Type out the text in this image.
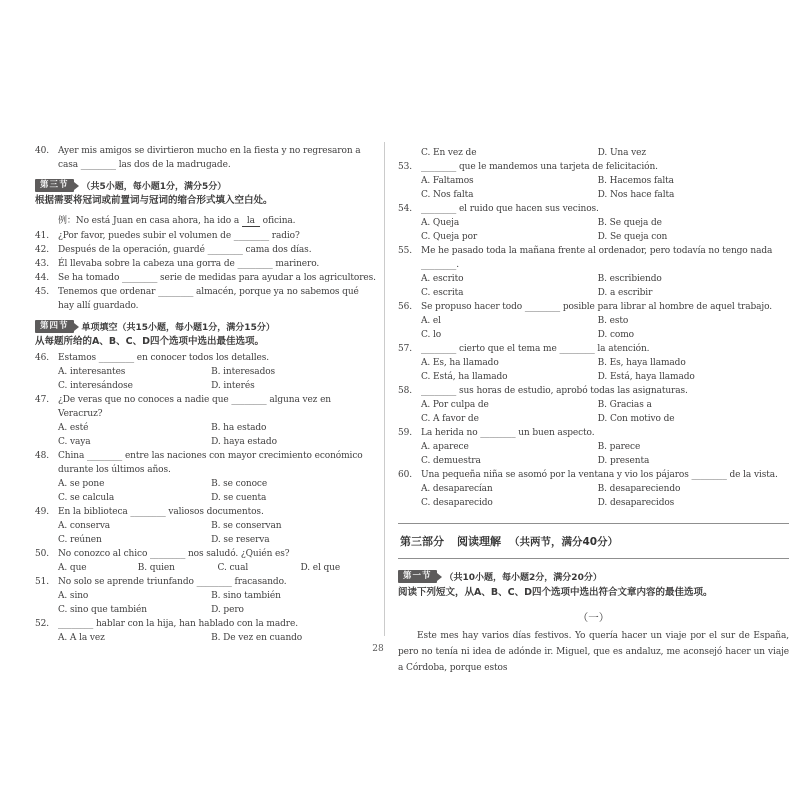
40. Ayer mis amigos se divirtieron mucho en la fiesta y no regresaron a casa ________ las dos de la madrugade.
第三节	（共5小题，每小题1分，满分5分）
根据需要将冠词或前置词与冠词的缩合形式填入空白处。
例：No está Juan en casa ahora, ha ido a la oficina.
41. ¿Por favor, puedes subir el volumen de ________ radio?
42. Después de la operación, guardé ________ cama dos días.
43. Él llevaba sobre la cabeza una gorra de ________ marinero.
44. Se ha tomado ________ serie de medidas para ayudar a los agricultores.
45. Tenemos que ordenar ________ almacén, porque ya no sabemos qué hay allí guardado.
第四节	单项填空（共15小题，每小题1分，满分15分）
从每题所给的A、B、C、D四个选项中选出最佳选项。
46. Estamos ________ en conocer todos los detalles.
A. interesantes	B. interesados
C. interesándose	D. interés
47. ¿De veras que no conoces a nadie que ________ alguna vez en Veracruz?
A. esté	B. ha estado
C. vaya	D. haya estado
48. China ________ entre las naciones con mayor crecimiento económico durante los últimos años.
A. se pone	B. se conoce
C. se calcula	D. se cuenta
49. En la biblioteca ________ valiosos documentos.
A. conserva	B. se conservan
C. reúnen	D. se reserva
50. No conozco al chico ________ nos saludó. ¿Quién es?
A. que	B. quien	C. cual	D. el que
51. No solo se aprende triunfando ________ fracasando.
A. sino	B. sino también
C. sino que también	D. pero
52. ________ hablar con la hija, han hablado con la madre.
A. A la vez	B. De vez en cuando
C. En vez de	D. Una vez
53. ________ que le mandemos una tarjeta de felicitación.
A. Faltamos	B. Hacemos falta
C. Nos falta	D. Nos hace falta
54. ________ el ruido que hacen sus vecinos.
A. Queja	B. Se queja de
C. Queja por	D. Se queja con
55. Me he pasado toda la mañana frente al ordenador, pero todavía no tengo nada ________.
A. escrito	B. escribiendo
C. escrita	D. a escribir
56. Se propuso hacer todo ________ posible para librar al hombre de aquel trabajo.
A. el	B. esto
C. lo	D. como
57. ________ cierto que el tema me ________ la atención.
A. Es, ha llamado	B. Es, haya llamado
C. Está, ha llamado	D. Está, haya llamado
58. ________ sus horas de estudio, aprobó todas las asignaturas.
A. Por culpa de	B. Gracias a
C. A favor de	D. Con motivo de
59. La herida no ________ un buen aspecto.
A. aparece	B. parece
C. demuestra	D. presenta
60. Una pequeña niña se asomó por la ventana y vio los pájaros ________ de la vista.
A. desaparecían	B. desapareciendo
C. desaparecido	D. desaparecidos
第三部分 阅读理解 （共两节，满分40分）
第一节	（共10小题，每小题2分，满分20分）
阅读下列短文，从A、B、C、D四个选项中选出符合文章内容的最佳选项。
（一）
Este mes hay varios días festivos. Yo quería hacer un viaje por el sur de España, pero no tenía ni idea de adónde ir. Miguel, que es andaluz, me aconsejó hacer un viaje a Córdoba, porque estos
28
